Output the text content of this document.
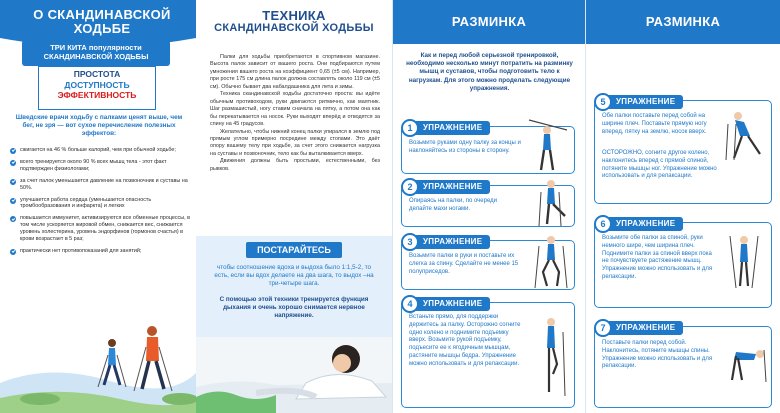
О СКАНДИНАВСКОЙ ХОДЬБЕ
ТРИ КИТА популярности СКАНДИНАВСКОЙ ХОДЬБЫ
ПРОСТОТА
ДОСТУПНОСТЬ
ЭФФЕКТИВНОСТЬ
Шведские врачи ходьбу с палками ценят выше, чем бег, не зря — вот сухое перечисление полезных эффектов:
сжигается на 46 % больше калорий, чем при обычной ходьбе;
всего тренируется около 90 % всех мышц тела - этот факт подтвержден физиологами;
за счет палок уменьшается давление на позвоночник и суставы на 50%.
улучшается работа сердца (уменьшается опасность тромбообразования и инфаркта) и легких
повышается иммунитет, активизируются все обменные процессы, в том числе ускоряется жировой обмен, снижается вес, снижается уровень холестерина, уровень эндорфинов (гормонов счастья) в крови возрастает в 5 раз;
практически нет противопоказаний для занятий;
ТЕХНИКА
СКАНДИНАВСКОЙ ХОДЬБЫ

Палки для ходьбы приобретаются в спортивном магазине. Высота палок зависит от вашего роста. Они подбираются путем умножения вашего роста на коэффициент 0,65 (±5 см). Например, при росте 175 см длина палок должна составлять около 119 см (±5 см). Обычно бывает два набалдашника для лета и зимы.

Техника скандинавской ходьбы достаточно проста: вы идёте обычным противоходом, руки двигаются ритмично, как маятник. Шаг размашистый, ногу ставим сначала на пятку, а потом она как бы перекатывается на носок. Руки выходят вперёд и отводятся за спину на 45 градусов.

Желательно, чтобы нижний конец палки упирался в землю под прямым углом примерно посредине между стопами. Это даёт опору вашему телу при ходьбе, за счет этого снижается нагрузка на суставы и позвоночник, тело как бы выталкивается вверх.

Движения должны быть простыми, естественными, без рывков.

ПОСТАРАЙТЕСЬ
чтобы соотношение вдоха и выдоха было 1:1,5-2, то есть, если вы вдох делаете на два шага, то выдох –на три-четыре шага.
С помощью этой техники тренируется функция дыхания и очень хорошо снимается нервное напряжение.
РАЗМИНКА
Как и перед любой серьезной тренировкой, необходимо несколько минут потратить на разминку мышц и суставов, чтобы подготовить тело к нагрузкам. Для этого можно проделать следующие упражнения.
1	УПРАЖНЕНИЕ
Возьмите руками одну палку за концы и наклоняйтесь из стороны в сторону.
2	УПРАЖНЕНИЕ
Опираясь на палки, по очереди делайте махи ногами.
3	УПРАЖНЕНИЕ
Возьмите палки в руки и поставьте их слегка за спину. Сделайте не менее 15 полуприседов.
4	УПРАЖНЕНИЕ
Встаньте прямо, для поддержки держитесь за палку. Осторожно согните одно колено и поднимите подъемку вверх. Возьмите рукой подъемку, подъесите ее к ягодичным мышцам, растяните мышцы бедра. Упражнение можно использовать и для релаксации.
РАЗМИНКА
5	УПРАЖНЕНИЕ
Обе палки поставьте перед собой на ширине плеч. Поставьте прямую ногу вперед, пятку на землю, носок вверх.
ОСТОРОЖНО, согните другое колено, наклонитесь вперед с прямой спиной, потяните мышцы ног. Упражнение можно использовать и для релаксации.
6	УПРАЖНЕНИЕ
Возьмите обе палки за спиной, руки немного шире, чем ширина плеч. Поднимите палки за спиной вверх пока не почувствуете растяжение мышц. Упражнение можно использовать и для релаксации.
7	УПРАЖНЕНИЕ
Поставьте палки перед собой. Наклонитесь, потяните мышцы спины. Упражнение можно использовать и для релаксации.
